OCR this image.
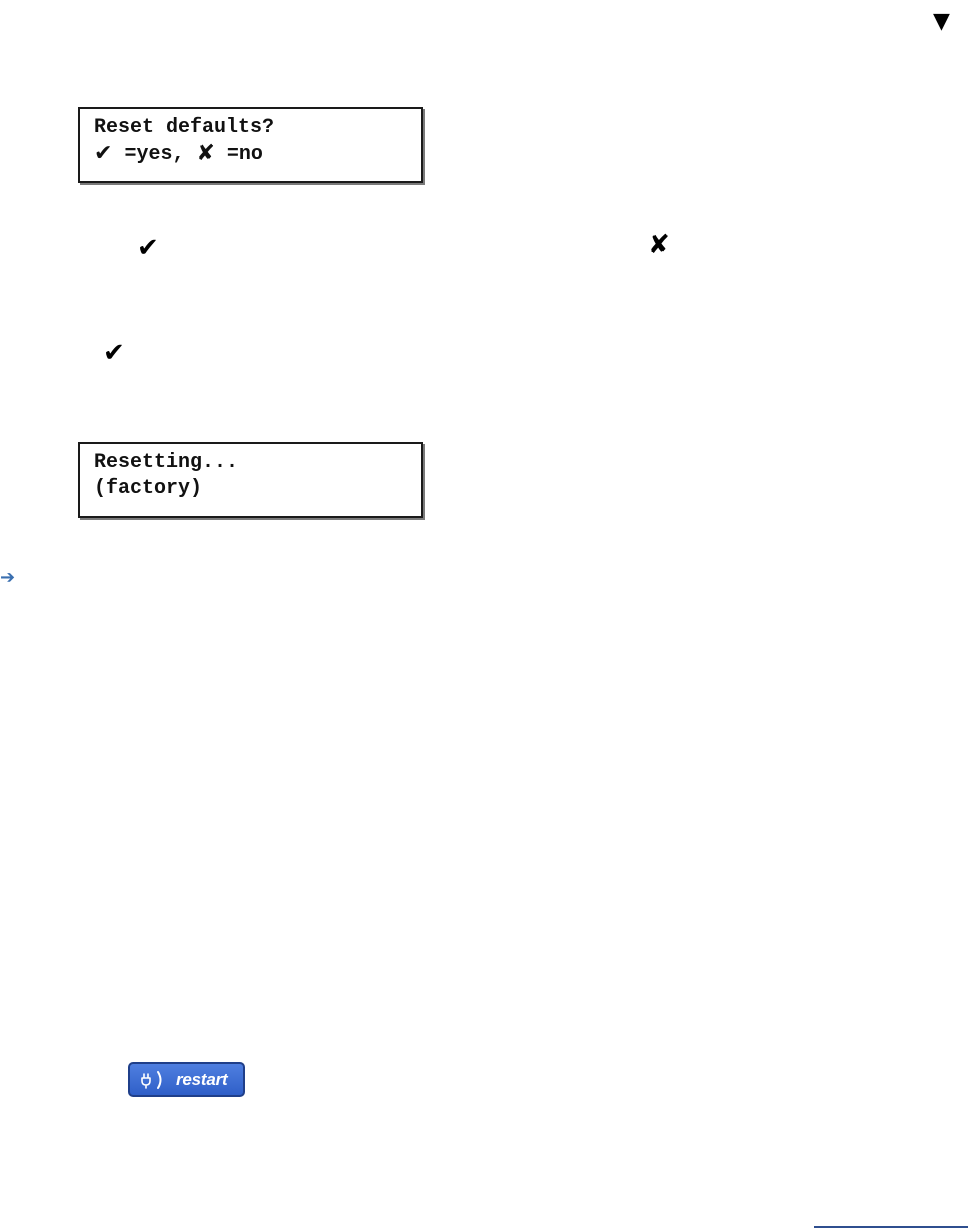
▼
Reset defaults?
✔ =yes, ✘ =no
✔	✘
✔
Resetting...
(factory)
➔
restart
